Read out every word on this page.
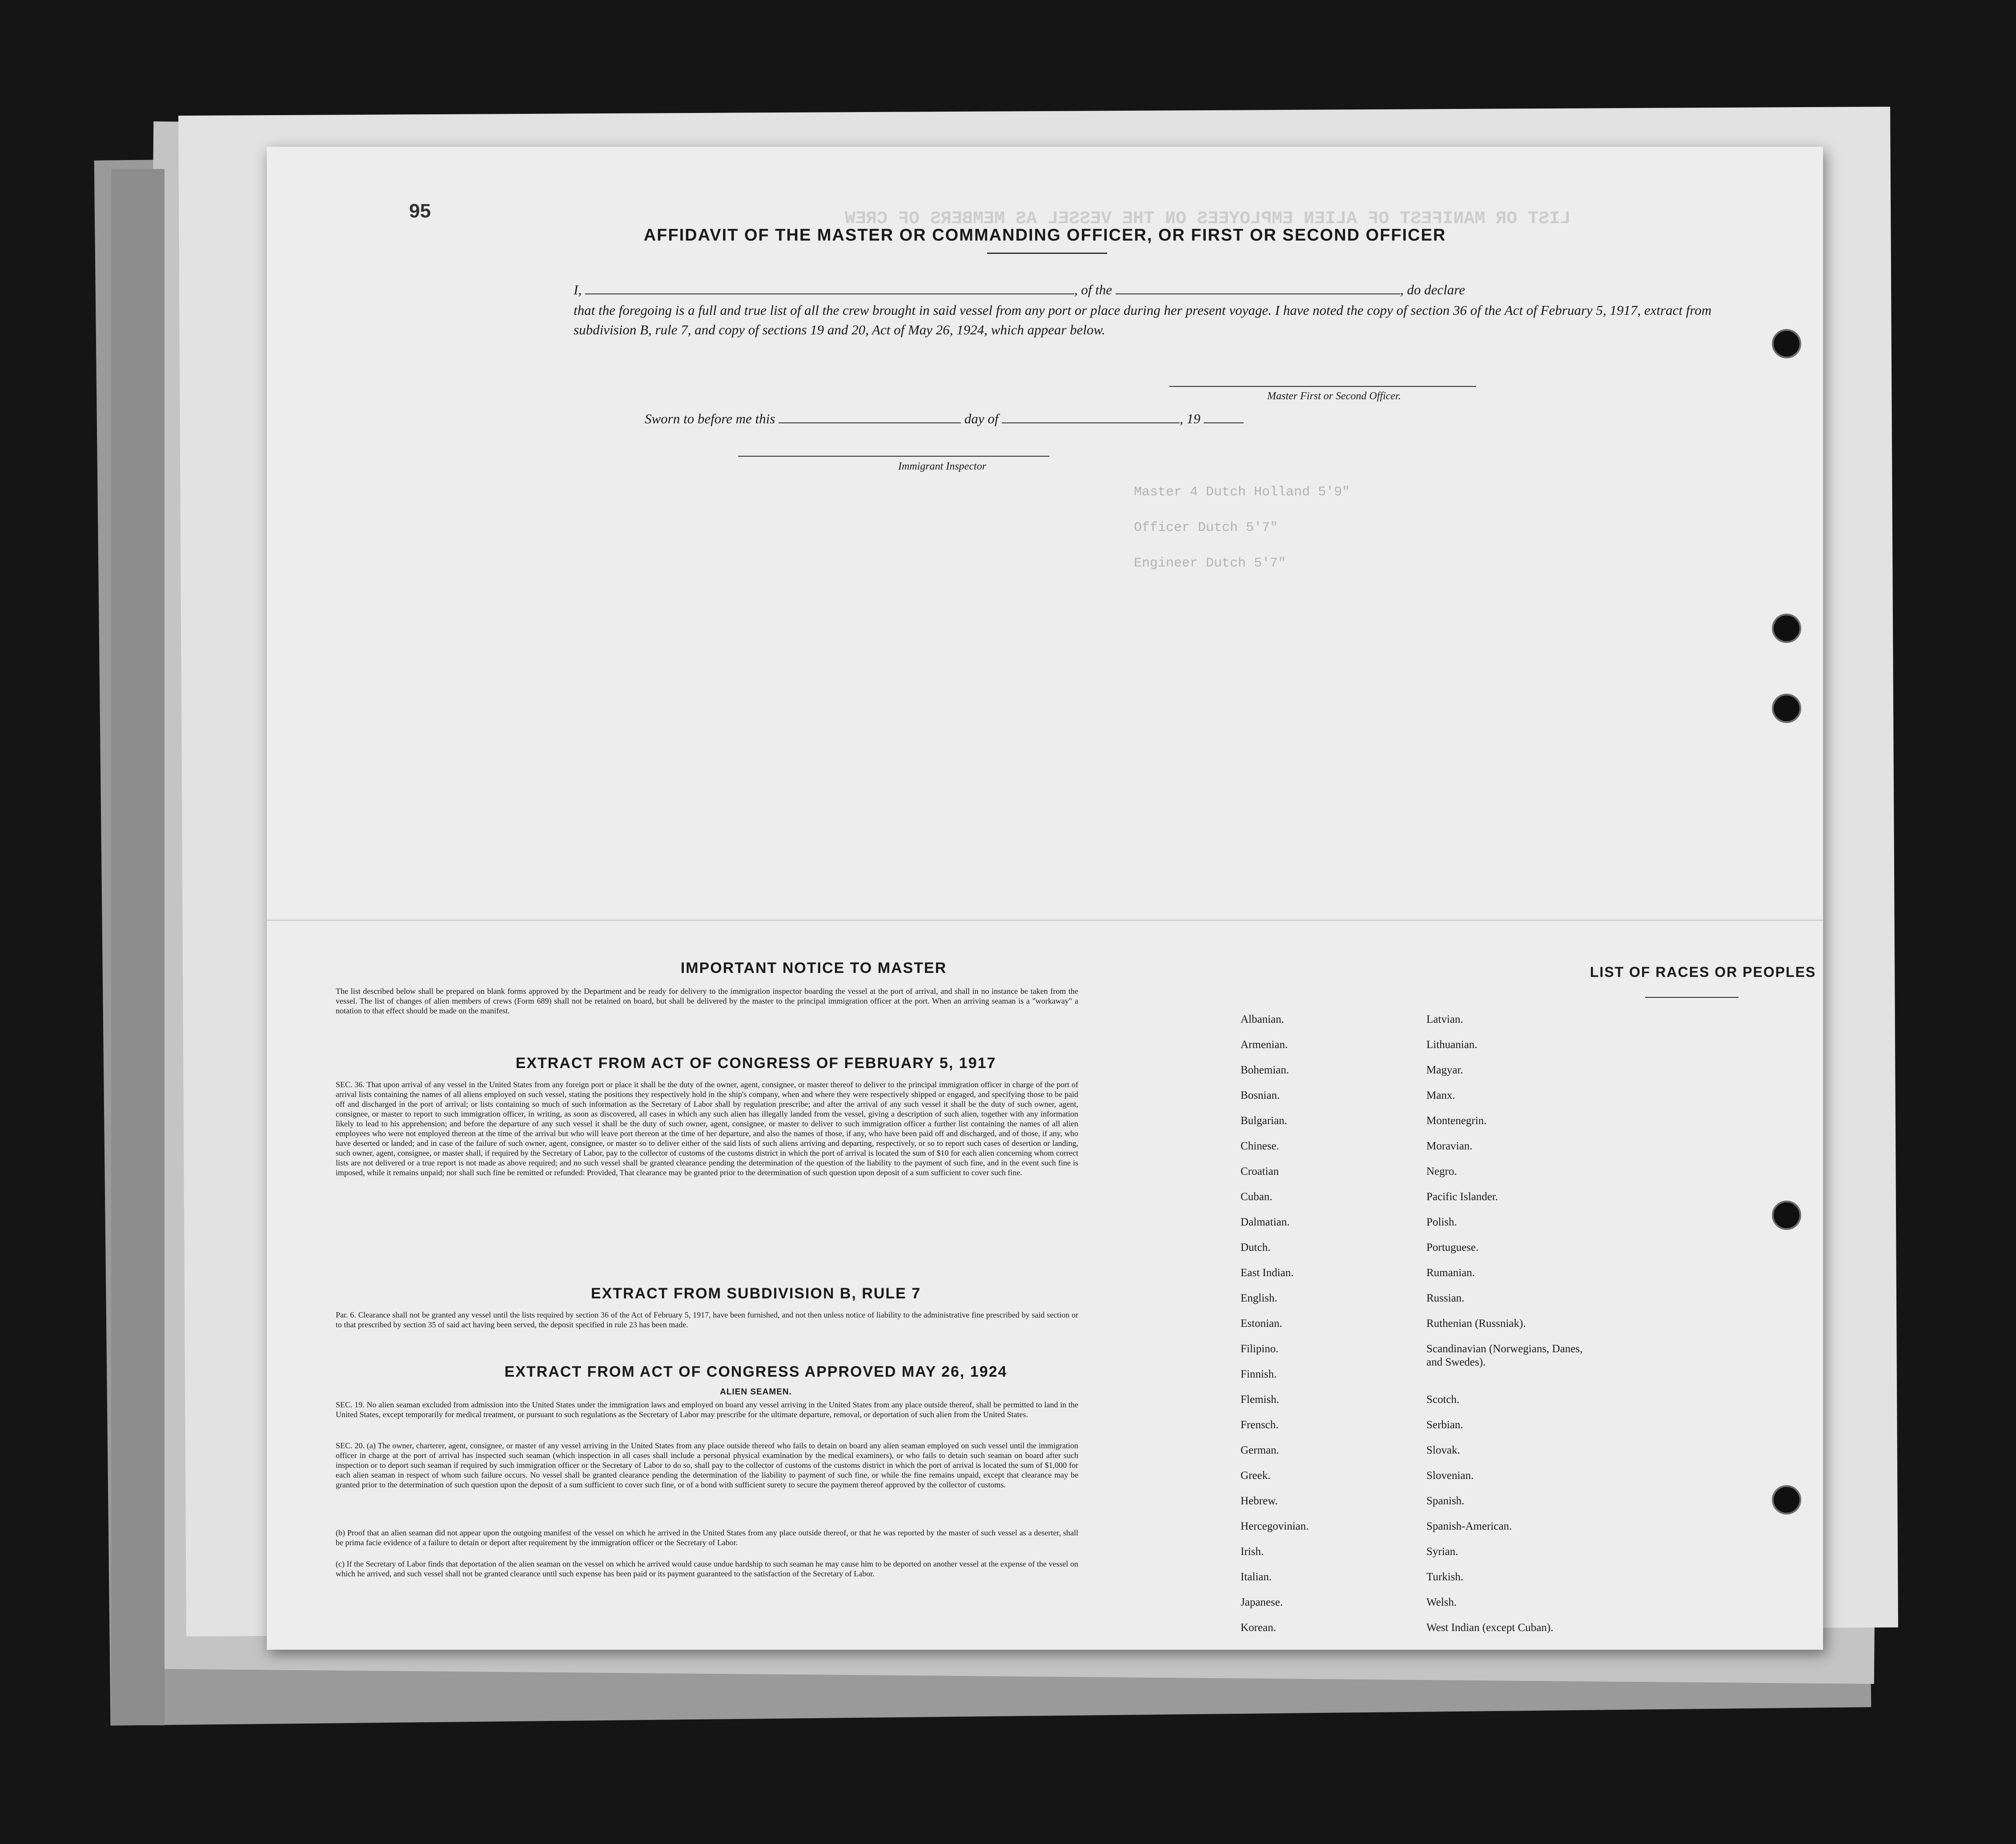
95	LIST OR MANIFEST OF ALIEN EMPLOYEES ON THE VESSEL AS MEMBERS OF CREW
Master 4 Dutch Holland 5'9"
Officer Dutch 5'7"
Engineer Dutch 5'7"
AFFIDAVIT OF THE MASTER OR COMMANDING OFFICER, OR FIRST OR SECOND OFFICER
I,	, of the	, do declare
that the foregoing is a full and true list of all the crew brought in said vessel from any port or place during her present voyage. I have noted the copy of section 36 of the Act of February 5, 1917, extract from subdivision B, rule 7, and copy of sections 19 and 20, Act of May 26, 1924, which appear below.
Master First or Second Officer.
Sworn to before me this	day of	, 19
Immigrant Inspector
IMPORTANT NOTICE TO MASTER
The list described below shall be prepared on blank forms approved by the Department and be ready for delivery to the immigration inspector boarding the vessel at the port of arrival, and shall in no instance be taken from the vessel. The list of changes of alien members of crews (Form 689) shall not be retained on board, but shall be delivered by the master to the principal immigration officer at the port. When an arriving seaman is a "workaway" a notation to that effect should be made on the manifest.
EXTRACT FROM ACT OF CONGRESS OF FEBRUARY 5, 1917
SEC. 36. That upon arrival of any vessel in the United States from any foreign port or place it shall be the duty of the owner, agent, consignee, or master thereof to deliver to the principal immigration officer in charge of the port of arrival lists containing the names of all aliens employed on such vessel, stating the positions they respectively hold in the ship's company, when and where they were respectively shipped or engaged, and specifying those to be paid off and discharged in the port of arrival; or lists containing so much of such information as the Secretary of Labor shall by regulation prescribe; and after the arrival of any such vessel it shall be the duty of such owner, agent, consignee, or master to report to such immigration officer, in writing, as soon as discovered, all cases in which any such alien has illegally landed from the vessel, giving a description of such alien, together with any information likely to lead to his apprehension; and before the departure of any such vessel it shall be the duty of such owner, agent, consignee, or master to deliver to such immigration officer a further list containing the names of all alien employees who were not employed thereon at the time of the arrival but who will leave port thereon at the time of her departure, and also the names of those, if any, who have been paid off and discharged, and of those, if any, who have deserted or landed; and in case of the failure of such owner, agent, consignee, or master so to deliver either of the said lists of such aliens arriving and departing, respectively, or so to report such cases of desertion or landing, such owner, agent, consignee, or master shall, if required by the Secretary of Labor, pay to the collector of customs of the customs district in which the port of arrival is located the sum of $10 for each alien concerning whom correct lists are not delivered or a true report is not made as above required; and no such vessel shall be granted clearance pending the determination of the question of the liability to the payment of such fine, and in the event such fine is imposed, while it remains unpaid; nor shall such fine be remitted or refunded: Provided, That clearance may be granted prior to the determination of such question upon deposit of a sum sufficient to cover such fine.
EXTRACT FROM SUBDIVISION B, RULE 7
Par. 6. Clearance shall not be granted any vessel until the lists required by section 36 of the Act of February 5, 1917, have been furnished, and not then unless notice of liability to the administrative fine prescribed by said section or to that prescribed by section 35 of said act having been served, the deposit specified in rule 23 has been made.
EXTRACT FROM ACT OF CONGRESS APPROVED MAY 26, 1924
ALIEN SEAMEN.
SEC. 19. No alien seaman excluded from admission into the United States under the immigration laws and employed on board any vessel arriving in the United States from any place outside thereof, shall be permitted to land in the United States, except temporarily for medical treatment, or pursuant to such regulations as the Secretary of Labor may prescribe for the ultimate departure, removal, or deportation of such alien from the United States.
SEC. 20. (a) The owner, charterer, agent, consignee, or master of any vessel arriving in the United States from any place outside thereof who fails to detain on board any alien seaman employed on such vessel until the immigration officer in charge at the port of arrival has inspected such seaman (which inspection in all cases shall include a personal physical examination by the medical examiners), or who fails to detain such seaman on board after such inspection or to deport such seaman if required by such immigration officer or the Secretary of Labor to do so, shall pay to the collector of customs of the customs district in which the port of arrival is located the sum of $1,000 for each alien seaman in respect of whom such failure occurs. No vessel shall be granted clearance pending the determination of the liability to payment of such fine, or while the fine remains unpaid, except that clearance may be granted prior to the determination of such question upon the deposit of a sum sufficient to cover such fine, or of a bond with sufficient surety to secure the payment thereof approved by the collector of customs.
(b) Proof that an alien seaman did not appear upon the outgoing manifest of the vessel on which he arrived in the United States from any place outside thereof, or that he was reported by the master of such vessel as a deserter, shall be prima facie evidence of a failure to detain or deport after requirement by the immigration officer or the Secretary of Labor.
(c) If the Secretary of Labor finds that deportation of the alien seaman on the vessel on which he arrived would cause undue hardship to such seaman he may cause him to be deported on another vessel at the expense of the vessel on which he arrived, and such vessel shall not be granted clearance until such expense has been paid or its payment guaranteed to the satisfaction of the Secretary of Labor.
LIST OF RACES OR PEOPLES
Albanian.
Armenian.
Bohemian.
Bosnian.
Bulgarian.
Chinese.
Croatian
Cuban.
Dalmatian.
Dutch.
East Indian.
English.
Estonian.
Filipino.
Finnish.
Flemish.
Frensch.
German.
Greek.
Hebrew.
Hercegovinian.
Irish.
Italian.
Japanese.
Korean.
Latvian.
Lithuanian.
Magyar.
Manx.
Montenegrin.
Moravian.
Negro.
Pacific Islander.
Polish.
Portuguese.
Rumanian.
Russian.
Ruthenian (Russniak).
Scandinavian (Norwegians, Danes, and Swedes).
Scotch.
Serbian.
Slovak.
Slovenian.
Spanish.
Spanish-American.
Syrian.
Turkish.
Welsh.
West Indian (except Cuban).
